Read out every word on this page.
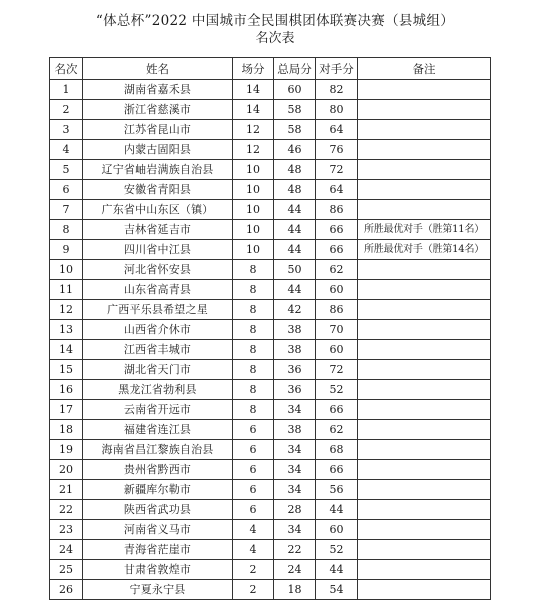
“体总杯”2022 中国城市全民围棋团体联赛决赛（县城组）
名次表
名次	姓名	场分	总局分	对手分	备注
1	湖南省嘉禾县	14	60	82	
2	浙江省慈溪市	14	58	80	
3	江苏省昆山市	12	58	64	
4	内蒙古固阳县	12	46	76	
5	辽宁省岫岩满族自治县	10	48	72	
6	安徽省青阳县	10	48	64	
7	广东省中山东区（镇）	10	44	86	
8	吉林省延吉市	10	44	66	所胜最优对手（胜第11名）
9	四川省中江县	10	44	66	所胜最优对手（胜第14名）
10	河北省怀安县	8	50	62	
11	山东省高青县	8	44	60	
12	广西平乐县希望之星	8	42	86	
13	山西省介休市	8	38	70	
14	江西省丰城市	8	38	60	
15	湖北省天门市	8	36	72	
16	黑龙江省勃利县	8	36	52	
17	云南省开远市	8	34	66	
18	福建省连江县	6	38	62	
19	海南省昌江黎族自治县	6	34	68	
20	贵州省黔西市	6	34	66	
21	新疆库尔勒市	6	34	56	
22	陕西省武功县	6	28	44	
23	河南省义马市	4	34	60	
24	青海省茫崖市	4	22	52	
25	甘肃省敦煌市	2	24	44	
26	宁夏永宁县	2	18	54	
